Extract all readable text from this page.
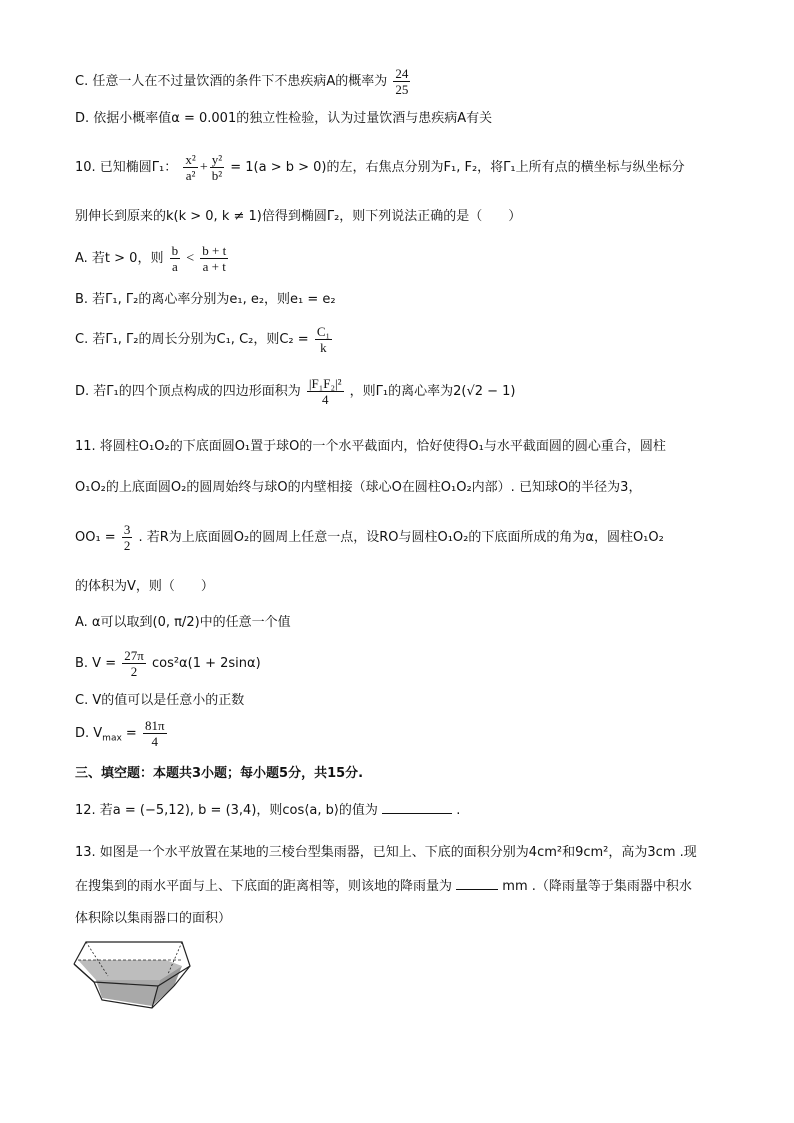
C. 任意一人在不过量饮酒的条件下不患疾病A的概率为 $\frac{24}{25}$
D. 依据小概率值α = 0.001的独立性检验，认为过量饮酒与患疾病A有关
10. 已知椭圆Γ₁： $\frac{\text{x²}}{\text{a²}} + \frac{\text{y²}}{\text{b²}} = 1(a > b > 0)$的左，右焦点分别为F₁, F₂，将Γ₁上所有点的横坐标与纵坐标分
别伸长到原来的k(k > 0, k ≠ 1)倍得到椭圆Γ₂，则下列说法正确的是（　　）
A. 若t > 0，则 $\frac{b}{a} < \frac{b + t}{a + t}$
B. 若Γ₁, Γ₂的离心率分别为e₁, e₂，则e₁ = e₂
C. 若Γ₁, Γ₂的周长分别为C₁, C₂，则$C_2 = \frac{\text{C₁}}{k}$
D. 若Γ₁的四个顶点构成的四边形面积为 $\frac{\text{|F₁F₂|²}}{4}$ ，则Γ₁的离心率为2(√2 − 1)
11. 将圆柱O₁O₂的下底面圆O₁置于球O的一个水平截面内，恰好使得O₁与水平截面圆的圆心重合，圆柱
O₁O₂的上底面圆O₂的圆周始终与球O的内壁相接（球心O在圆柱O₁O₂内部）. 已知球O的半径为3，
$OO_1 = \frac{3}{2}$ . 若R为上底面圆O₂的圆周上任意一点，设RO与圆柱O₁O₂的下底面所成的角为α，圆柱O₁O₂
的体积为V，则（　　）
A. α可以取到(0, π/2)中的任意一个值
B. $V = \frac{27\pi}{2} \cos^2\alpha(1 + 2\sin\alpha)$
C. V的值可以是任意小的正数
D. $V_{max} = \frac{81\pi}{4}$
三、填空题：本题共3小题；每小题5分，共15分.
12. 若a = (−5,12), b = (3,4)，则cos⟨a, b⟩的值为	.
13. 如图是一个水平放置在某地的三棱台型集雨器，已知上、下底的面积分别为4cm²和9cm²，高为3cm .现
在搜集到的雨水平面与上、下底面的距离相等，则该地的降雨量为	mm .（降雨量等于集雨器中积水
体积除以集雨器口的面积）
